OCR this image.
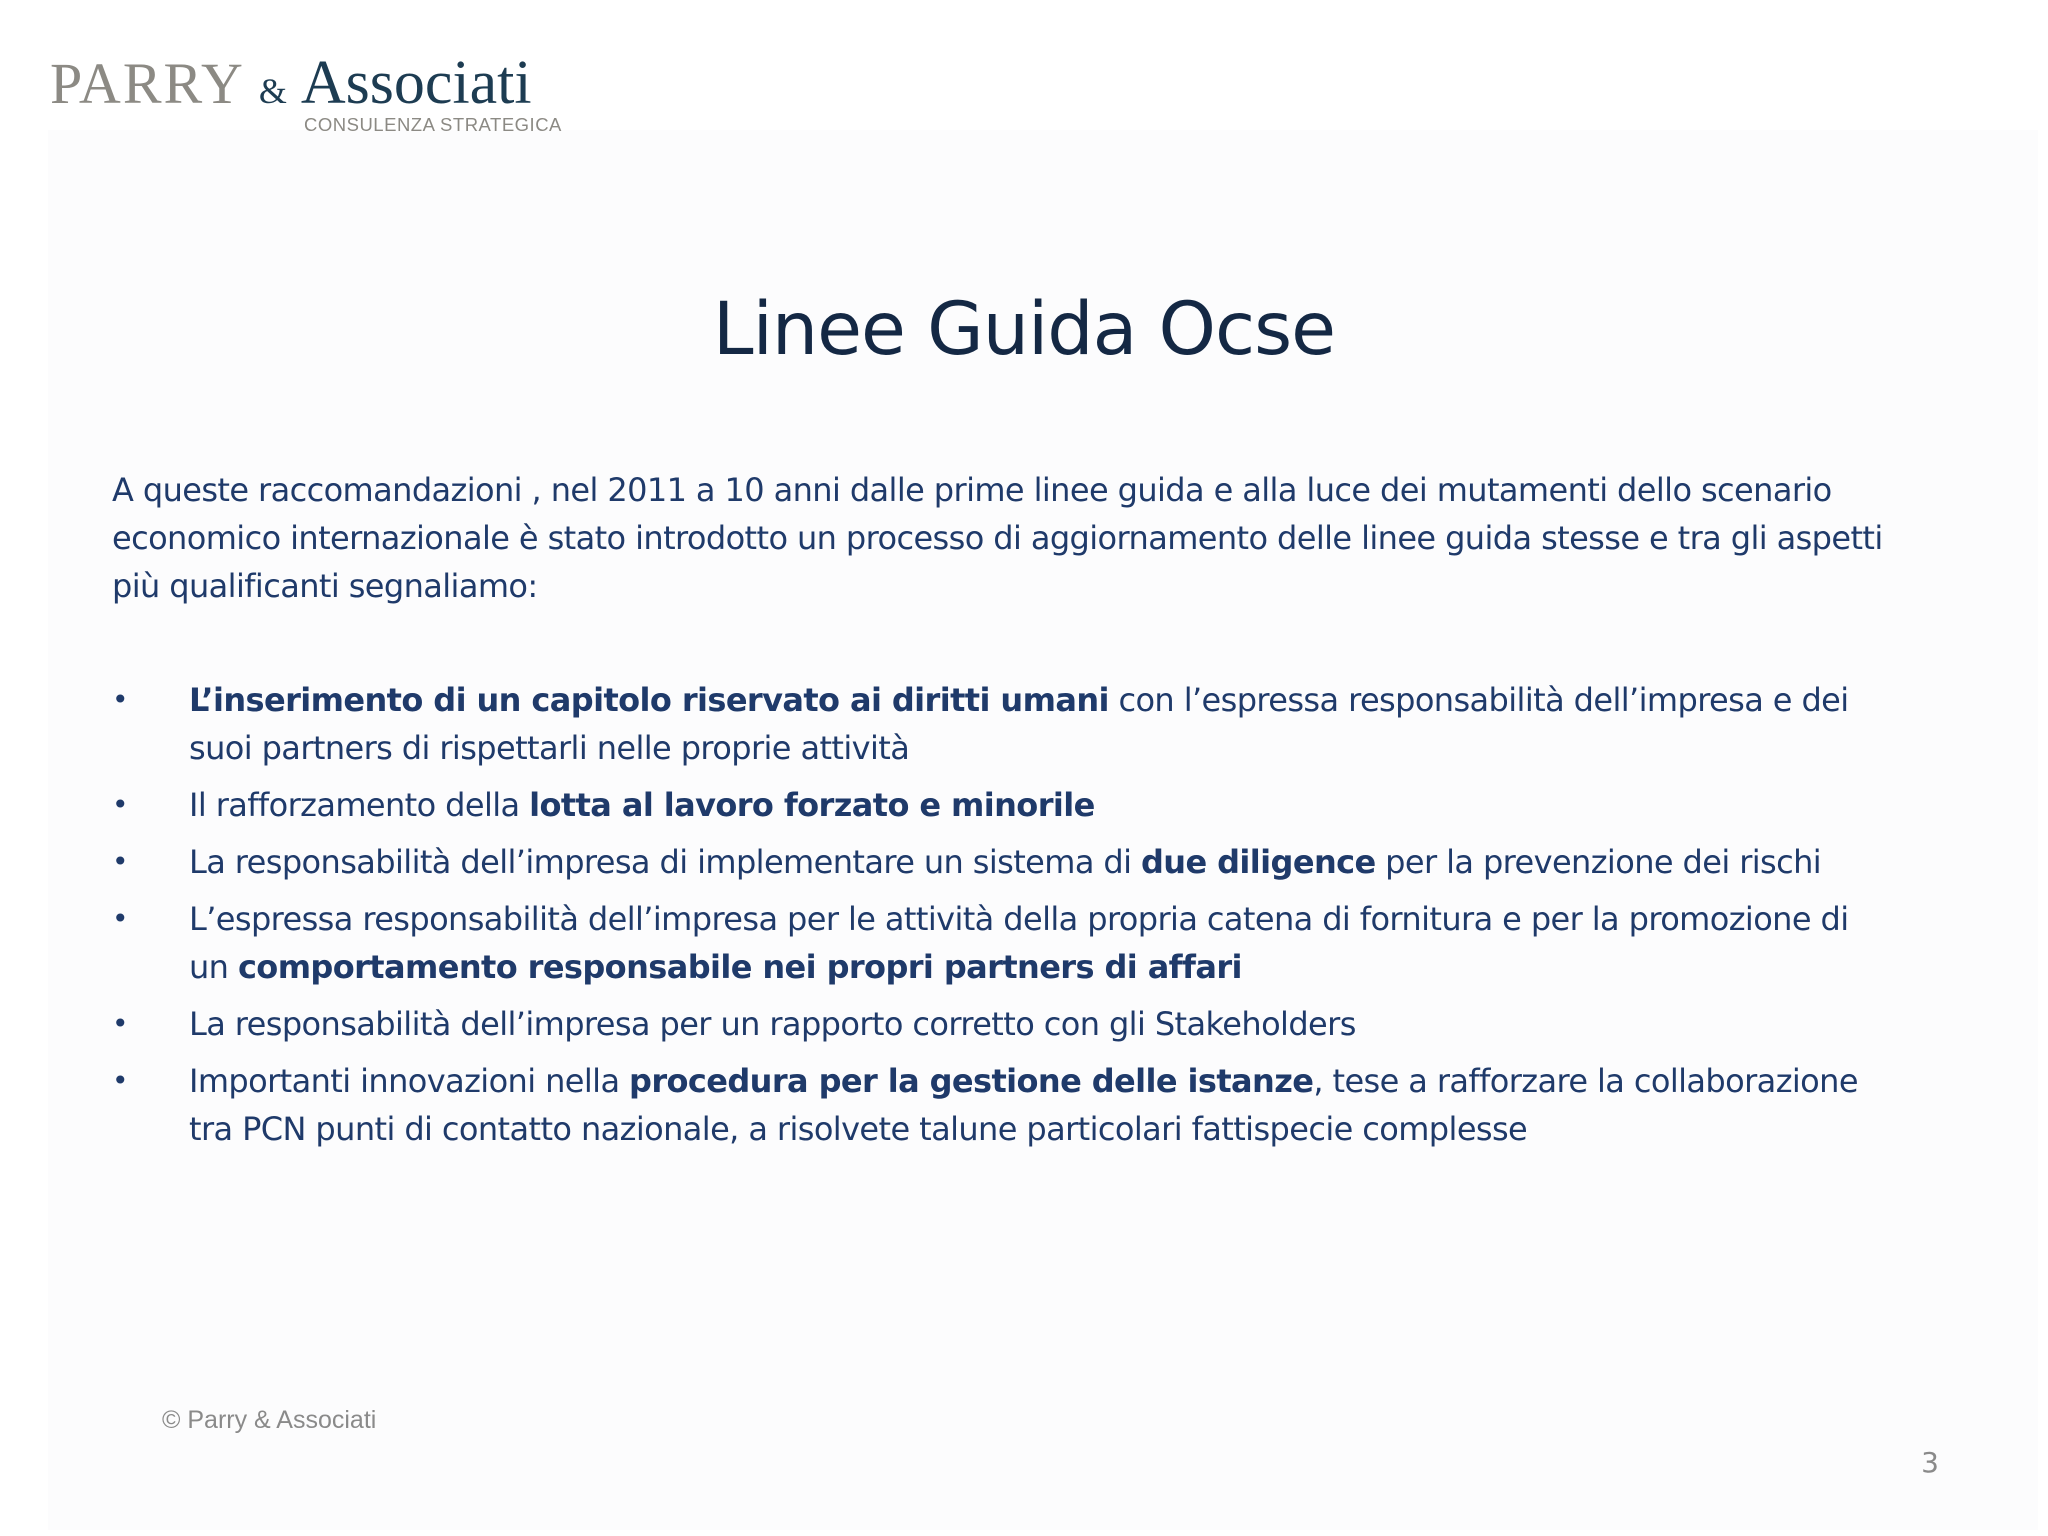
PARRY & Associati
CONSULENZA STRATEGICA
Linee Guida Ocse

A queste raccomandazioni , nel 2011 a 10 anni dalle prime linee guida e alla luce dei mutamenti dello scenario economico internazionale è stato introdotto un processo di aggiornamento delle linee guida stesse e tra gli aspetti più qualificanti segnaliamo:

• L’inserimento di un capitolo riservato ai diritti umani con l’espressa responsabilità dell’impresa e dei suoi partners di rispettarli nelle proprie attività
• Il rafforzamento della lotta al lavoro forzato e minorile
• La responsabilità dell’impresa di implementare un sistema di due diligence per la prevenzione dei rischi
• L’espressa responsabilità dell’impresa per le attività della propria catena di fornitura e per la promozione di un comportamento responsabile nei propri partners di affari
• La responsabilità dell’impresa per un rapporto corretto con gli Stakeholders
• Importanti innovazioni nella procedura per la gestione delle istanze, tese a rafforzare la collaborazione tra PCN punti di contatto nazionale, a risolvete talune particolari fattispecie complesse
© Parry & Associati
3
